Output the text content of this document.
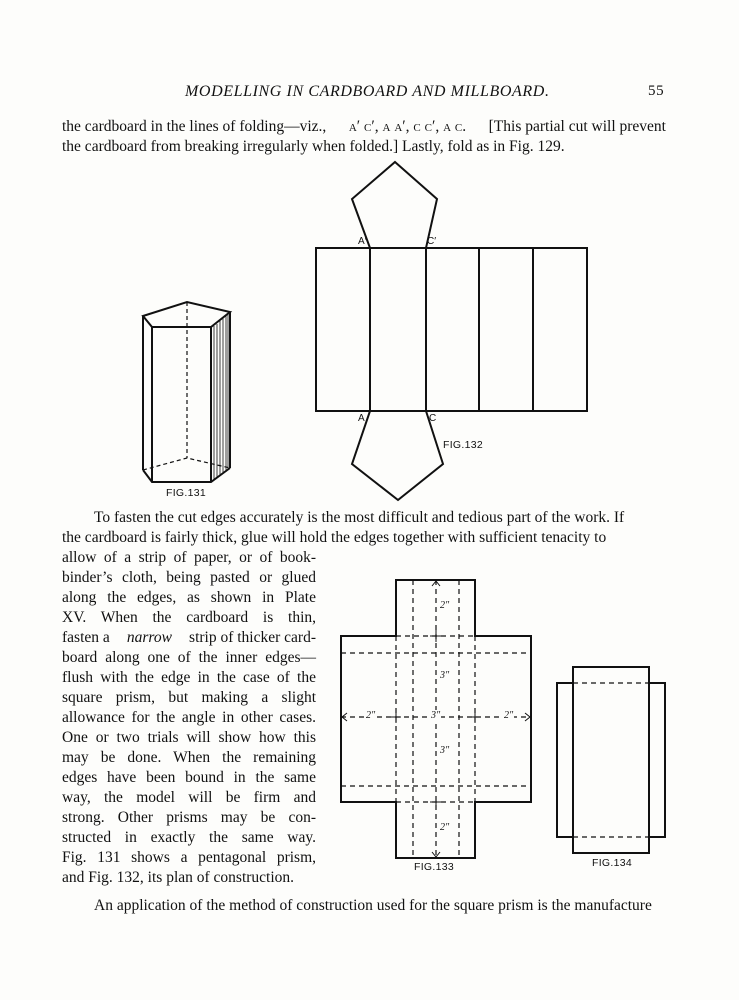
MODELLING IN CARDBOARD AND MILLBOARD.	55
the cardboard in the lines of folding—viz., a′ c′, a a′, c c′, a c. [This partial cut will prevent
the cardboard from breaking irregularly when folded.] Lastly, fold as in Fig. 129.
FIG.131
FIG.132
FIG.133	FIG.134
A′	C′
A	C
2″
3″
2″	3″	2″
3″
2″
To fasten the cut edges accurately is the most difficult and tedious part of the work. If
the cardboard is fairly thick, glue will hold the edges together with sufficient tenacity to
allow of a strip of paper, or of book-
binder’s cloth, being pasted or glued
along the edges, as shown in Plate
XV. When the cardboard is thin,
fasten a narrow strip of thicker card-
board along one of the inner edges—
flush with the edge in the case of the
square prism, but making a slight
allowance for the angle in other cases.
One or two trials will show how this
may be done. When the remaining
edges have been bound in the same
way, the model will be firm and
strong. Other prisms may be con-
structed in exactly the same way.
Fig. 131 shows a pentagonal prism,
and Fig. 132, its plan of construction.
An application of the method of construction used for the square prism is the manufacture
